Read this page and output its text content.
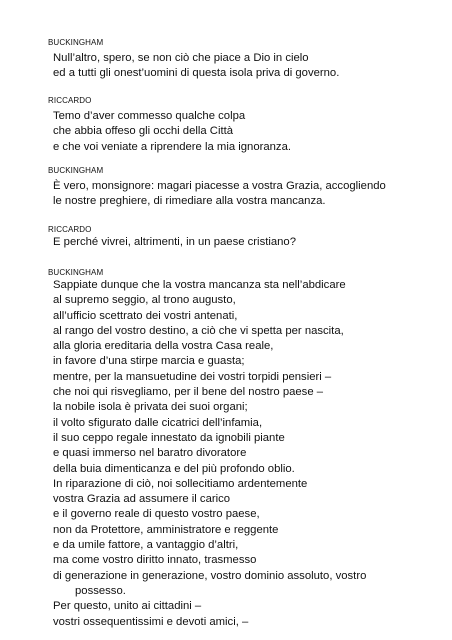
BUCKINGHAM
Null’altro, spero, se non ciò che piace a Dio in cielo
ed a tutti gli onest’uomini di questa isola priva di governo.
RICCARDO
Temo d’aver commesso qualche colpa
che abbia offeso gli occhi della Città
e che voi veniate a riprendere la mia ignoranza.
BUCKINGHAM
È vero, monsignore: magari piacesse a vostra Grazia, accogliendo
le nostre preghiere, di rimediare alla vostra mancanza.
RICCARDO
E perché vivrei, altrimenti, in un paese cristiano?
BUCKINGHAM
Sappiate dunque che la vostra mancanza sta nell’abdicare
al supremo seggio, al trono augusto,
all’ufficio scettrato dei vostri antenati,
al rango del vostro destino, a ciò che vi spetta per nascita,
alla gloria ereditaria della vostra Casa reale,
in favore d’una stirpe marcia e guasta;
mentre, per la mansuetudine dei vostri torpidi pensieri –
che noi qui risvegliamo, per il bene del nostro paese –
la nobile isola è privata dei suoi organi;
il volto sfigurato dalle cicatrici dell’infamia,
il suo ceppo regale innestato da ignobili piante
e quasi immerso nel baratro divoratore
della buia dimenticanza e del più profondo oblio.
In riparazione di ciò, noi sollecitiamo ardentemente
vostra Grazia ad assumere il carico
e il governo reale di questo vostro paese,
non da Protettore, amministratore e reggente
e da umile fattore, a vantaggio d’altri,
ma come vostro diritto innato, trasmesso
di generazione in generazione, vostro dominio assoluto, vostro
possesso.
Per questo, unito ai cittadini –
vostri ossequentissimi e devoti amici, –
